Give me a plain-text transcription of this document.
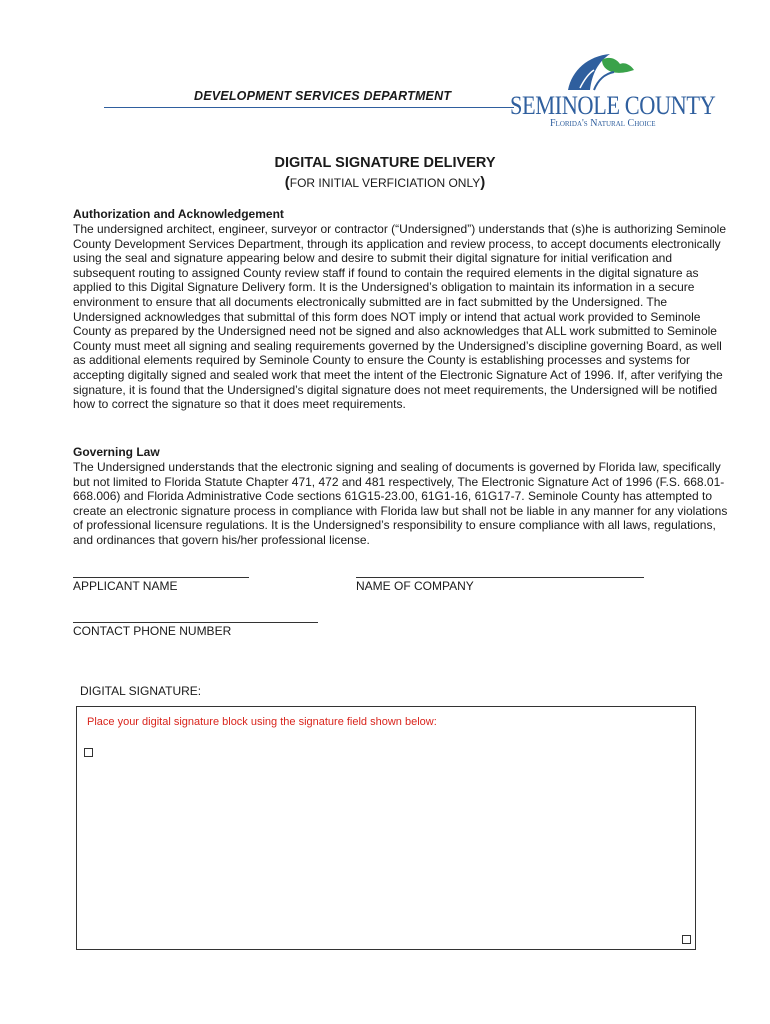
DEVELOPMENT SERVICES DEPARTMENT SEMINOLE COUNTY
Florida's Natural Choice
DIGITAL SIGNATURE DELIVERY
(FOR INITIAL VERFICIATION ONLY)
Authorization and Acknowledgement
The undersigned architect, engineer, surveyor or contractor (“Undersigned”) understands that (s)he is authorizing Seminole County Development Services Department, through its application and review process, to accept documents electronically using the seal and signature appearing below and desire to submit their digital signature for initial verification and subsequent routing to assigned County review staff if found to contain the required elements in the digital signature as applied to this Digital Signature Delivery form. It is the Undersigned’s obligation to maintain its information in a secure environment to ensure that all documents electronically submitted are in fact submitted by the Undersigned. The Undersigned acknowledges that submittal of this form does NOT imply or intend that actual work provided to Seminole County as prepared by the Undersigned need not be signed and also acknowledges that ALL work submitted to Seminole County must meet all signing and sealing requirements governed by the Undersigned’s discipline governing Board, as well as additional elements required by Seminole County to ensure the County is establishing processes and systems for accepting digitally signed and sealed work that meet the intent of the Electronic Signature Act of 1996. If, after verifying the signature, it is found that the Undersigned’s digital signature does not meet requirements, the Undersigned will be notified how to correct the signature so that it does meet requirements.
Governing Law
The Undersigned understands that the electronic signing and sealing of documents is governed by Florida law, specifically but not limited to Florida Statute Chapter 471, 472 and 481 respectively, The Electronic Signature Act of 1996 (F.S. 668.01-668.006) and Florida Administrative Code sections 61G15-23.00, 61G1-16, 61G17-7. Seminole County has attempted to create an electronic signature process in compliance with Florida law but shall not be liable in any manner for any violations of professional licensure regulations. It is the Undersigned’s responsibility to ensure compliance with all laws, regulations, and ordinances that govern his/her professional license.
APPLICANT NAME	NAME OF COMPANY
CONTACT PHONE NUMBER
DIGITAL SIGNATURE:
Place your digital signature block using the signature field shown below:
